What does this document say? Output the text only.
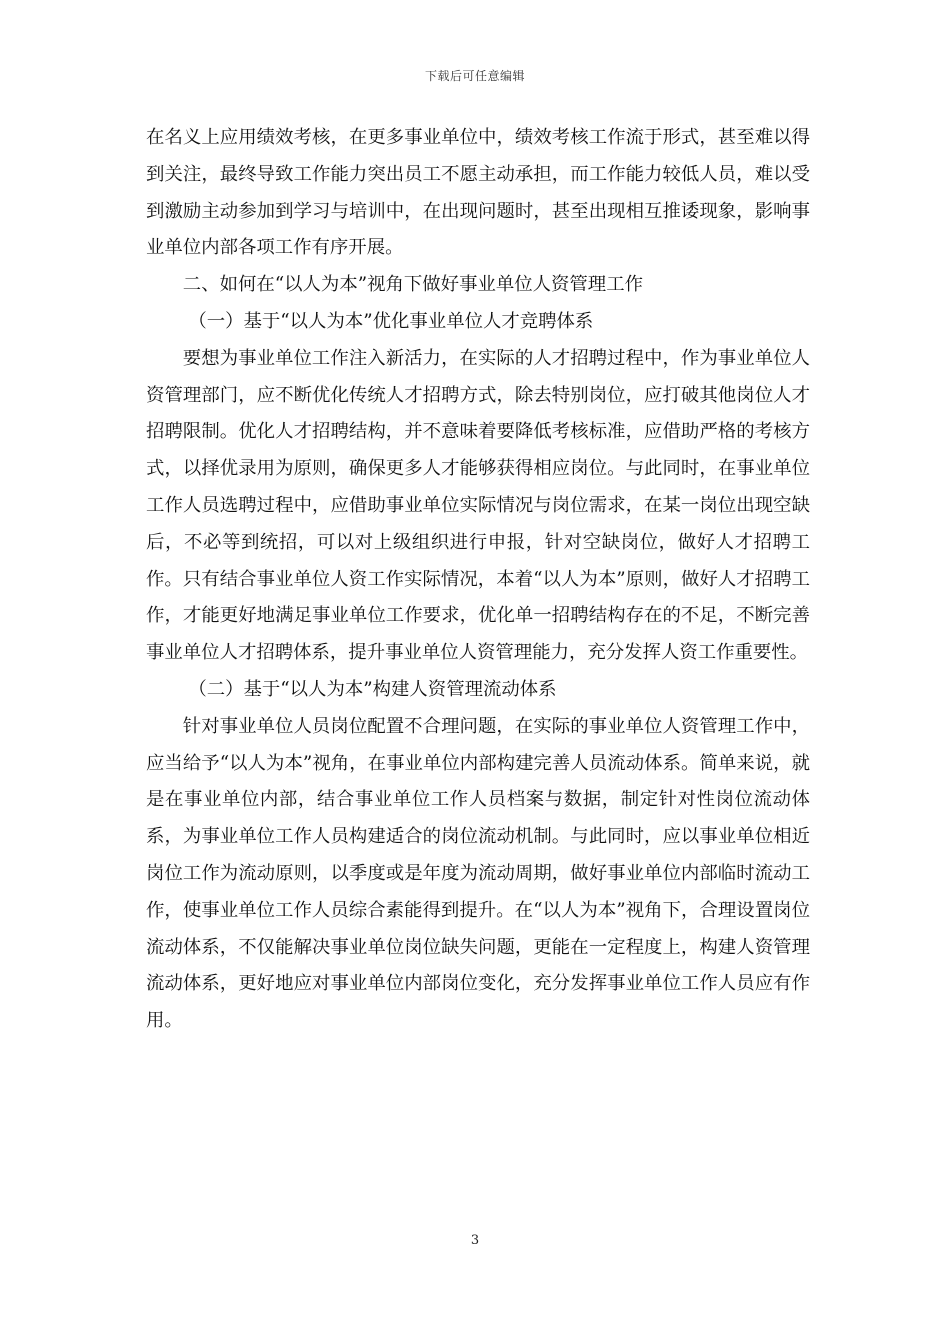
下载后可任意编辑

在名义上应用绩效考核，在更多事业单位中，绩效考核工作流于形式，甚至难以得到关注，最终导致工作能力突出员工不愿主动承担，而工作能力较低人员，难以受到激励主动参加到学习与培训中，在出现问题时，甚至出现相互推诿现象，影响事业单位内部各项工作有序开展。

二、如何在“以人为本”视角下做好事业单位人资管理工作

（一）基于“以人为本”优化事业单位人才竞聘体系

要想为事业单位工作注入新活力，在实际的人才招聘过程中，作为事业单位人资管理部门，应不断优化传统人才招聘方式，除去特别岗位，应打破其他岗位人才招聘限制。优化人才招聘结构，并不意味着要降低考核标准，应借助严格的考核方式，以择优录用为原则，确保更多人才能够获得相应岗位。与此同时，在事业单位工作人员选聘过程中，应借助事业单位实际情况与岗位需求，在某一岗位出现空缺后，不必等到统招，可以对上级组织进行申报，针对空缺岗位，做好人才招聘工作。只有结合事业单位人资工作实际情况，本着“以人为本”原则，做好人才招聘工作，才能更好地满足事业单位工作要求，优化单一招聘结构存在的不足，不断完善事业单位人才招聘体系，提升事业单位人资管理能力，充分发挥人资工作重要性。

（二）基于“以人为本”构建人资管理流动体系

针对事业单位人员岗位配置不合理问题，在实际的事业单位人资管理工作中，应当给予“以人为本”视角，在事业单位内部构建完善人员流动体系。简单来说，就是在事业单位内部，结合事业单位工作人员档案与数据，制定针对性岗位流动体系，为事业单位工作人员构建适合的岗位流动机制。与此同时，应以事业单位相近岗位工作为流动原则，以季度或是年度为流动周期，做好事业单位内部临时流动工作，使事业单位工作人员综合素能得到提升。在“以人为本”视角下，合理设置岗位流动体系，不仅能解决事业单位岗位缺失问题，更能在一定程度上，构建人资管理流动体系，更好地应对事业单位内部岗位变化，充分发挥事业单位工作人员应有作用。

3
